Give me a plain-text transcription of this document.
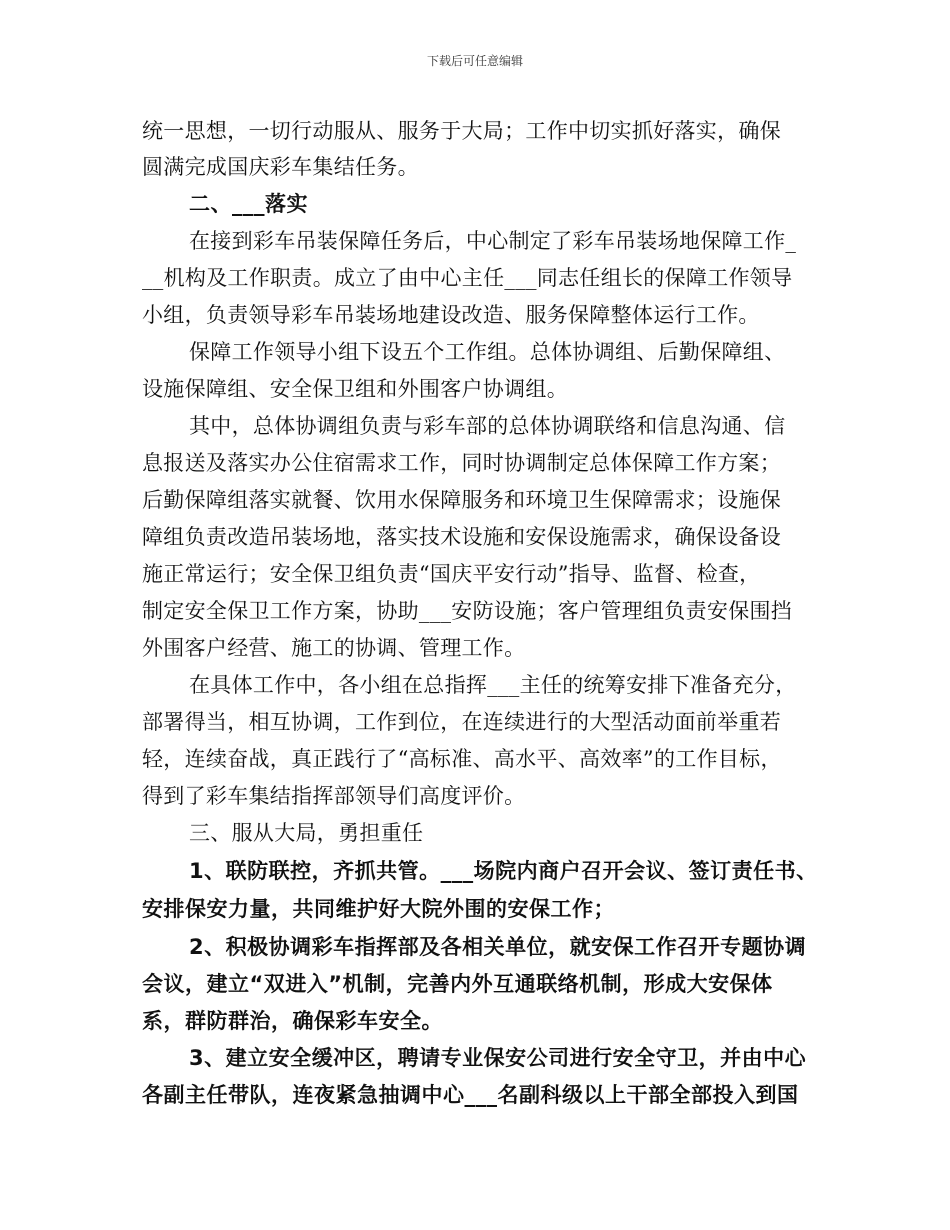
下载后可任意编辑
统一思想，一切行动服从、服务于大局；工作中切实抓好落实，确保
圆满完成国庆彩车集结任务。
二、___落实
在接到彩车吊装保障任务后，中心制定了彩车吊装场地保障工作_
__机构及工作职责。成立了由中心主任___同志任组长的保障工作领导
小组，负责领导彩车吊装场地建设改造、服务保障整体运行工作。
保障工作领导小组下设五个工作组。总体协调组、后勤保障组、
设施保障组、安全保卫组和外围客户协调组。
其中，总体协调组负责与彩车部的总体协调联络和信息沟通、信
息报送及落实办公住宿需求工作，同时协调制定总体保障工作方案；
后勤保障组落实就餐、饮用水保障服务和环境卫生保障需求；设施保
障组负责改造吊装场地，落实技术设施和安保设施需求，确保设备设
施正常运行；安全保卫组负责“国庆平安行动”指导、监督、检查，
制定安全保卫工作方案，协助___安防设施；客户管理组负责安保围挡
外围客户经营、施工的协调、管理工作。
在具体工作中，各小组在总指挥___主任的统筹安排下准备充分，
部署得当，相互协调，工作到位，在连续进行的大型活动面前举重若
轻，连续奋战，真正践行了“高标准、高水平、高效率”的工作目标，
得到了彩车集结指挥部领导们高度评价。
三、服从大局，勇担重任
1、联防联控，齐抓共管。___场院内商户召开会议、签订责任书、
安排保安力量，共同维护好大院外围的安保工作；
2、积极协调彩车指挥部及各相关单位，就安保工作召开专题协调
会议，建立“双进入”机制，完善内外互通联络机制，形成大安保体
系，群防群治，确保彩车安全。
3、建立安全缓冲区，聘请专业保安公司进行安全守卫，并由中心
各副主任带队，连夜紧急抽调中心___名副科级以上干部全部投入到国
